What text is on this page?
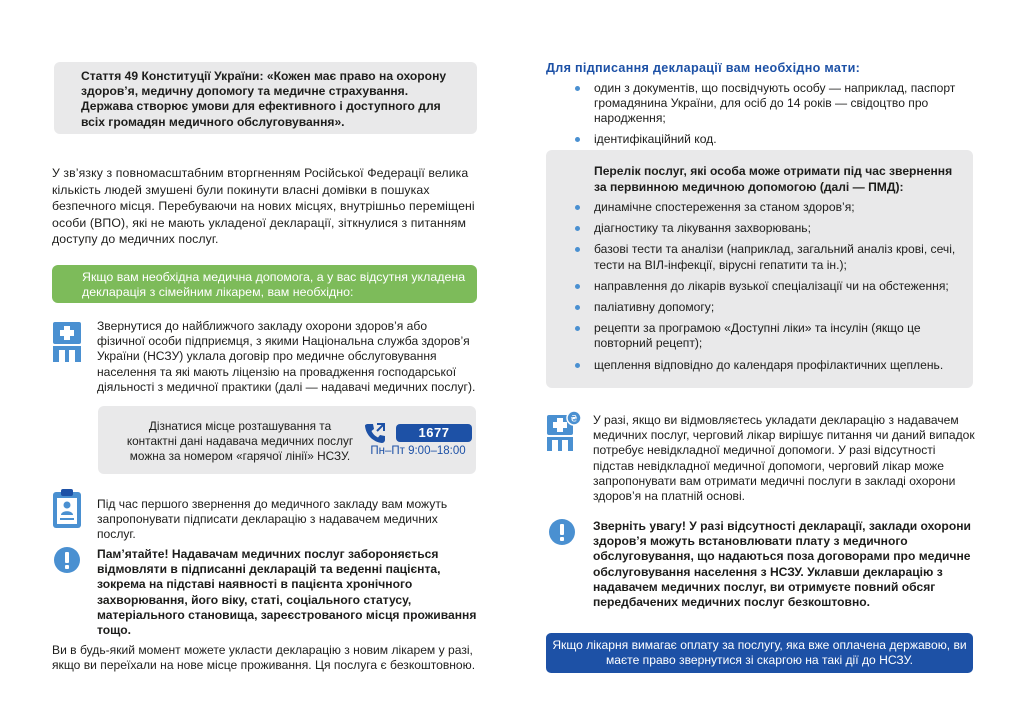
Стаття 49 Конституції України: «Кожен має право на охорону здоров’я, медичну допомогу та медичне страхування. Держава створює умови для ефективного і доступного для всіх громадян медичного обслуговування».

У зв’язку з повномасштабним вторгненням Російської Федерації велика кількість людей змушені були покинути власні домівки в пошуках безпечного місця. Перебуваючи на нових місцях, внутрішньо переміщені особи (ВПО), які не мають укладеної декларації, зіткнулися з питанням доступу до медичних послуг.

Якщо вам необхідна медична допомога, а у вас відсутня укладена декларація з сімейним лікарем, вам необхідно:

Звернутися до найближчого закладу охорони здоров’я або фізичної особи підприємця, з якими Національна служба здоров’я України (НСЗУ) уклала договір про медичне обслуговування населення та які мають ліцензію на провадження господарської діяльності з медичної практики (далі — надавачі медичних послуг).

Дізнатися місце розташування та контактні дані надавача медичних послуг можна за номером «гарячої лінії» НСЗУ.

1677
Пн–Пт 9:00–18:00

Під час першого звернення до медичного закладу вам можуть запропонувати підписати декларацію з надавачем медичних послуг.

Пам’ятайте! Надавачам медичних послуг забороняється відмовляти в підписанні декларацій та веденні пацієнта, зокрема на підставі наявності в пацієнта хронічного захворювання, його віку, статі, соціального статусу, матеріального становища, зареєстрованого місця проживання тощо.

Ви в будь-який момент можете укласти декларацію з новим лікарем у разі, якщо ви переїхали на нове місце проживання. Ця послуга є безкоштовною.

Для підписання декларації вам необхідно мати:
один з документів, що посвідчують особу — наприклад, паспорт громадянина України, для осіб до 14 років — свідоцтво про народження;
ідентифікаційний код.

Перелік послуг, які особа може отримати під час звернення за первинною медичною допомогою (далі — ПМД):

динамічне спостереження за станом здоров’я;
діагностику та лікування захворювань;
базові тести та аналізи (наприклад, загальний аналіз крові, сечі, тести на ВІЛ-інфекції, вірусні гепатити та ін.);
направлення до лікарів вузької спеціалізації чи на обстеження;
паліативну допомогу;
рецепти за програмою «Доступні ліки» та інсулін (якщо це повторний рецепт);
щеплення відповідно до календаря профілактичних щеплень.
₴ У разі, якщо ви відмовляєтесь укладати декларацію з надавачем медичних послуг, черговий лікар вирішує питання чи даний випадок потребує невідкладної медичної допомоги. У разі відсутності підстав невідкладної медичної допомоги, черговий лікар може запропонувати вам отримати медичні послуги в закладі охорони здоров’я на платній основі.

Зверніть увагу! У разі відсутності декларації, заклади охорони здоров’я можуть встановлювати плату з медичного обслуговування, що надаються поза договорами про медичне обслуговування населення з НСЗУ. Уклавши декларацію з надавачем медичних послуг, ви отримуєте повний обсяг передбачених медичних послуг безкоштовно.

Якщо лікарня вимагає оплату за послугу, яка вже оплачена державою, ви маєте право звернутися зі скаргою на такі дії до НСЗУ.
